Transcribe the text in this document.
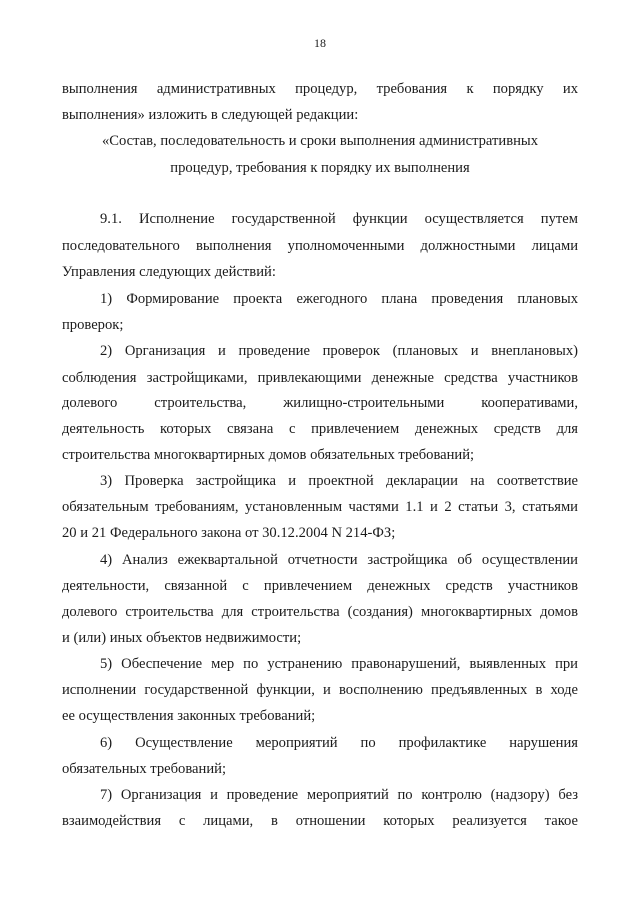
18
выполнения административных процедур, требования к порядку их
выполнения» изложить в следующей редакции:
«Состав, последовательность и сроки выполнения административных
процедур, требования к порядку их выполнения
9.1. Исполнение государственной функции осуществляется путем
последовательного выполнения уполномоченными должностными лицами
Управления следующих действий:
1) Формирование проекта ежегодного плана проведения плановых
проверок;
2) Организация и проведение проверок (плановых и внеплановых)
соблюдения застройщиками, привлекающими денежные средства участников
долевого строительства, жилищно-строительными кооперативами,
деятельность которых связана с привлечением денежных средств для
строительства многоквартирных домов обязательных требований;
3) Проверка застройщика и проектной декларации на соответствие
обязательным требованиям, установленным частями 1.1 и 2 статьи 3, статьями
20 и 21 Федерального закона от 30.12.2004 N 214-ФЗ;
4) Анализ ежеквартальной отчетности застройщика об осуществлении
деятельности, связанной с привлечением денежных средств участников
долевого строительства для строительства (создания) многоквартирных домов
и (или) иных объектов недвижимости;
5) Обеспечение мер по устранению правонарушений, выявленных при
исполнении государственной функции, и восполнению предъявленных в ходе
ее осуществления законных требований;
6) Осуществление мероприятий по профилактике нарушения
обязательных требований;
7) Организация и проведение мероприятий по контролю (надзору) без
взаимодействия с лицами, в отношении которых реализуется такое
